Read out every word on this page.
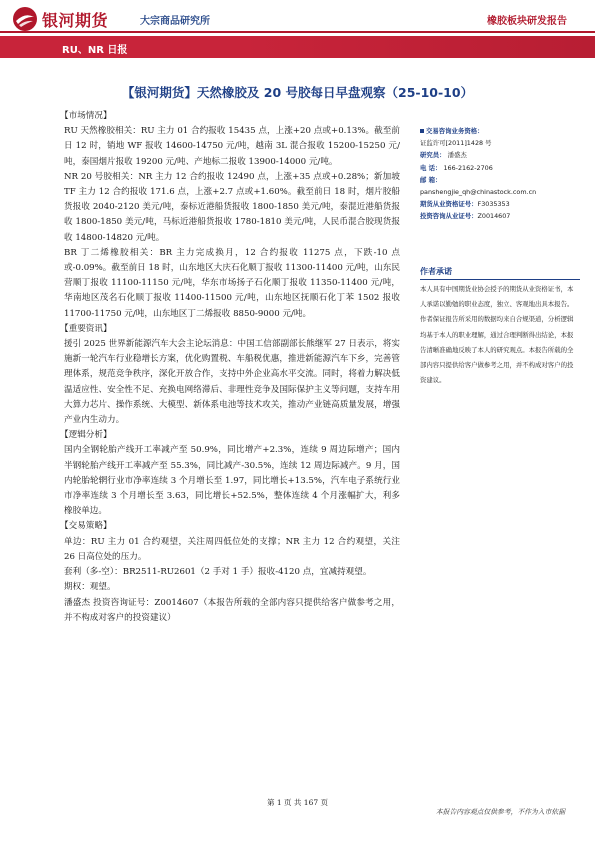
银河期货	大宗商品研究所	橡胶板块研发报告
RU、NR 日报
【银河期货】天然橡胶及 20 号胶每日早盘观察（25-10-10）

【市场情况】

RU 天然橡胶相关：RU 主力 01 合约报收 15435 点，上涨+20 点或+0.13%。截至前日 12 时，销地 WF 报收 14600-14750 元/吨，越南 3L 混合报收 15200-15250 元/吨，泰国烟片报收 19200 元/吨、产地标二报收 13900-14000 元/吨。

NR 20 号胶相关：NR 主力 12 合约报收 12490 点，上涨+35 点或+0.28%；新加坡 TF 主力 12 合约报收 171.6 点，上涨+2.7 点或+1.60%。截至前日 18 时，烟片胶船货报收 2040-2120 美元/吨，泰标近港船货报收 1800-1850 美元/吨，泰混近港船货报收 1800-1850 美元/吨，马标近港船货报收 1780-1810 美元/吨，人民币混合胶现货报收 14800-14820 元/吨。

BR 丁二烯橡胶相关：BR 主力完成换月，12 合约报收 11275 点，下跌-10 点或-0.09%。截至前日 18 时，山东地区大庆石化顺丁报收 11300-11400 元/吨，山东民营顺丁报收 11100-11150 元/吨，华东市场扬子石化顺丁报收 11350-11400 元/吨，华南地区茂名石化顺丁报收 11400-11500 元/吨，山东地区抚顺石化丁苯 1502 报收 11700-11750 元/吨，山东地区丁二烯报收 8850-9000 元/吨。

【重要资讯】

援引 2025 世界新能源汽车大会主论坛消息：中国工信部副部长熊继军 27 日表示，将实施新一轮汽车行业稳增长方案，优化购置税、车船税优惠，推进新能源汽车下乡，完善管理体系，规范竞争秩序，深化开放合作，支持中外企业高水平交流。同时，将着力解决低温适应性、安全性不足、充换电网络滞后、非理性竞争及国际保护主义等问题，支持车用大算力芯片、操作系统、大模型、新体系电池等技术攻关，推动产业链高质量发展，增强产业内生动力。

【逻辑分析】

国内全钢轮胎产线开工率减产至 50.9%，同比增产+2.3%，连续 9 周边际增产；国内半钢轮胎产线开工率减产至 55.3%，同比减产-30.5%，连续 12 周边际减产。9 月，国内轮胎轮辋行业市净率连续 3 个月增长至 1.97，同比增长+13.5%，汽车电子系统行业市净率连续 3 个月增长至 3.63，同比增长+52.5%，整体连续 4 个月涨幅扩大，利多橡胶单边。

【交易策略】

单边：RU 主力 01 合约观望，关注周四低位处的支撑；NR 主力 12 合约观望，关注 26 日高位处的压力。

套利（多-空）：BR2511-RU2601（2 手对 1 手）报收-4120 点，宜减持观望。

期权：观望。

潘盛杰 投资咨询证号：Z0014607（本报告所载的全部内容只提供给客户做参考之用，并不构成对客户的投资建议）

交易咨询业务资格：
证监许可[2011]1428 号
研究员： 潘盛杰
电 话： 166-2162-2706
邮 箱：
panshengjie_qh@chinastock.com.cn
期货从业资格证号：F3035353
投资咨询从业证号：Z0014607
作者承诺
本人具有中国期货业协会授予的期货从业资格证书，本人承诺以勤勉的职业态度，独立、客观地出具本报告。作者保证报告所采用的数据均来自合规渠道，分析逻辑均基于本人的职业理解，通过合理判断得出结论，本报告清晰准确地反映了本人的研究观点。本报告所载的全部内容只提供给客户做参考之用，并不构成对客户的投资建议。
第 1 页 共 167 页
本报告内容观点仅供参考，不作为入市依据
